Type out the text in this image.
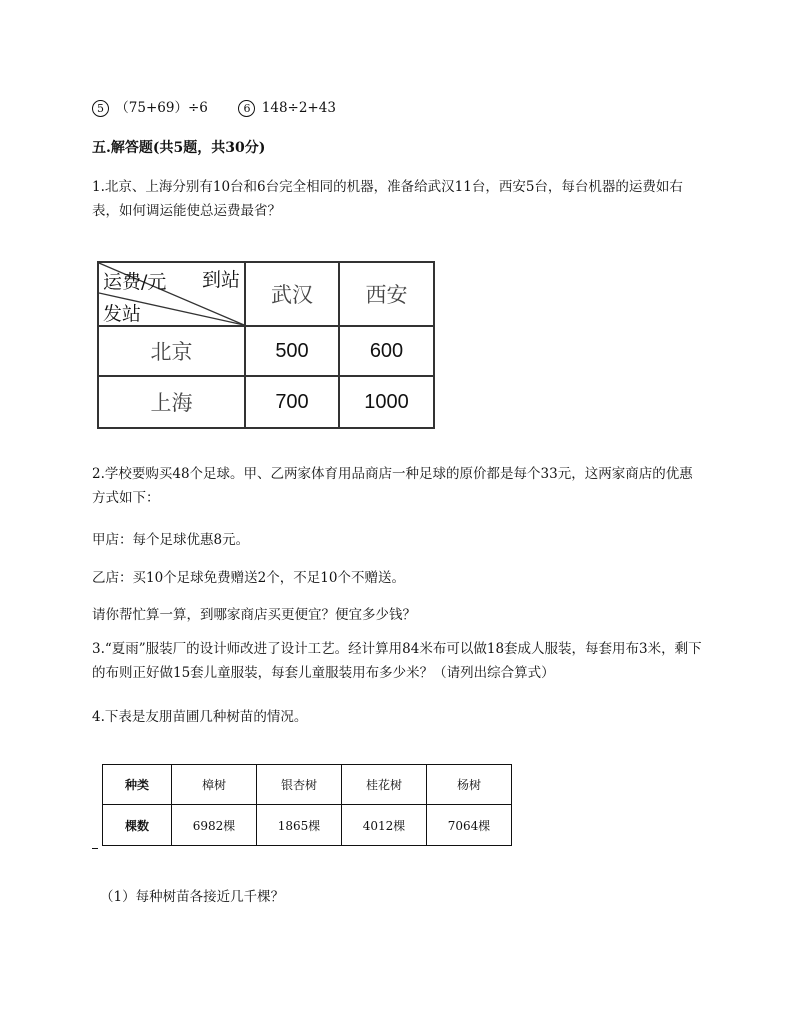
5 （75+69）÷6	6 148÷2+43
五.解答题(共5题，共30分)
1.北京、上海分别有10台和6台完全相同的机器，准备给武汉11台，西安5台，每台机器的运费如右表，如何调运能使总运费最省？
运费/元 到站
发站	武汉	西安
北京	500	600
上海	700	1000
2.学校要购买48个足球。甲、乙两家体育用品商店一种足球的原价都是每个33元，这两家商店的优惠方式如下：
甲店：每个足球优惠8元。
乙店：买10个足球免费赠送2个，不足10个不赠送。
请你帮忙算一算，到哪家商店买更便宜？便宜多少钱？
3.“夏雨”服装厂的设计师改进了设计工艺。经计算用84米布可以做18套成人服装，每套用布3米，剩下的布则正好做15套儿童服装，每套儿童服装用布多少米？（请列出综合算式）
4.下表是友朋苗圃几种树苗的情况。
种类	樟树	银杏树	桂花树	杨树
棵数	6982棵	1865棵	4012棵	7064棵
（1）每种树苗各接近几千棵？
